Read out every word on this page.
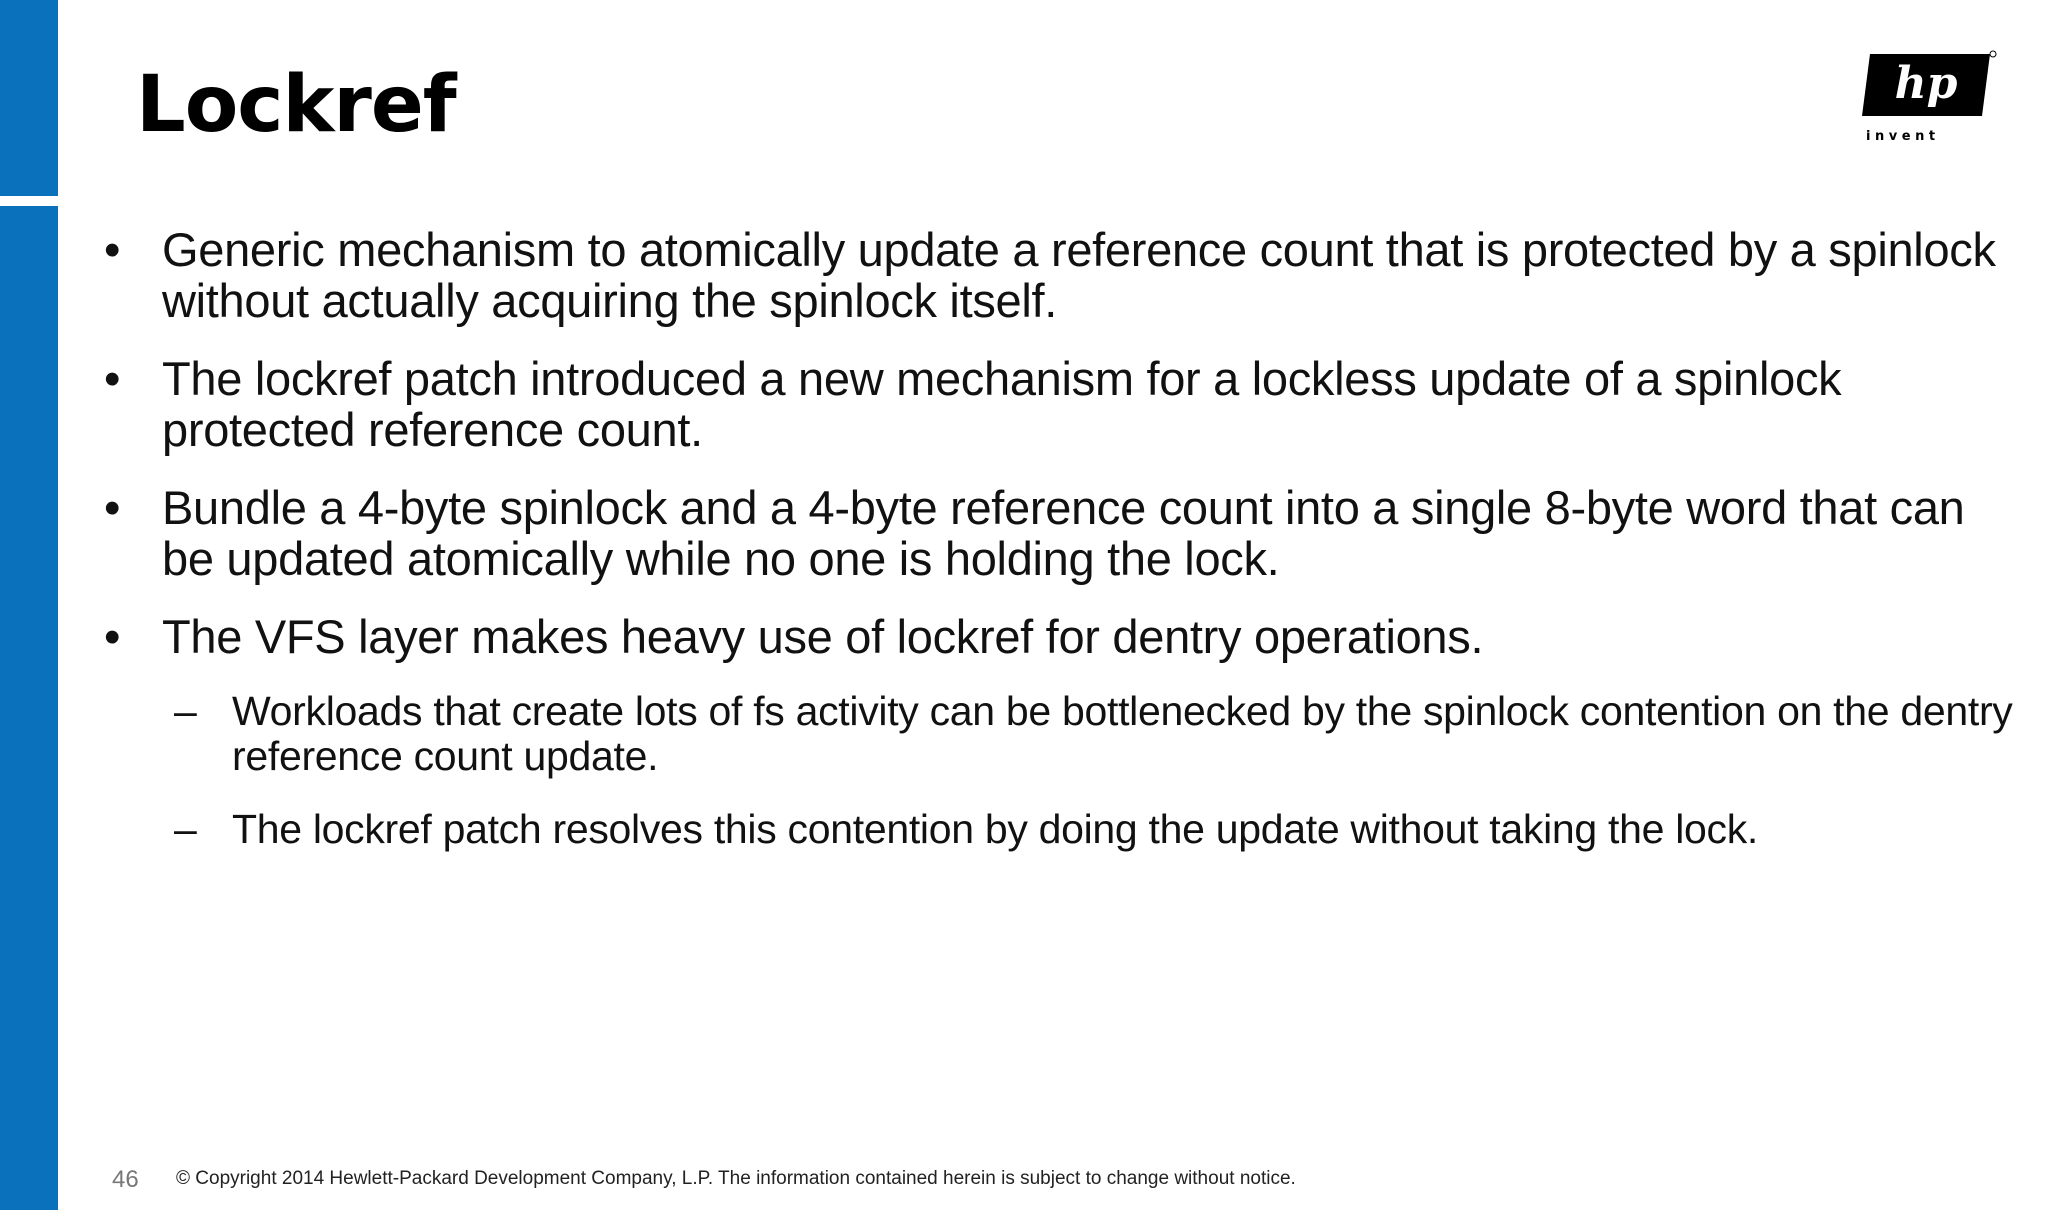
Lockref	hp
i n v e n t
• Generic mechanism to atomically update a reference count that is protected by a spinlock without actually acquiring the spinlock itself.
• The lockref patch introduced a new mechanism for a lockless update of a spinlock protected reference count.
• Bundle a 4-byte spinlock and a 4-byte reference count into a single 8-byte word that can be updated atomically while no one is holding the lock.
• The VFS layer makes heavy use of lockref for dentry operations.
– Workloads that create lots of fs activity can be bottlenecked by the spinlock contention on the dentry reference count update.
– The lockref patch resolves this contention by doing the update without taking the lock.
46 © Copyright 2014 Hewlett-Packard Development Company, L.P. The information contained herein is subject to change without notice.
